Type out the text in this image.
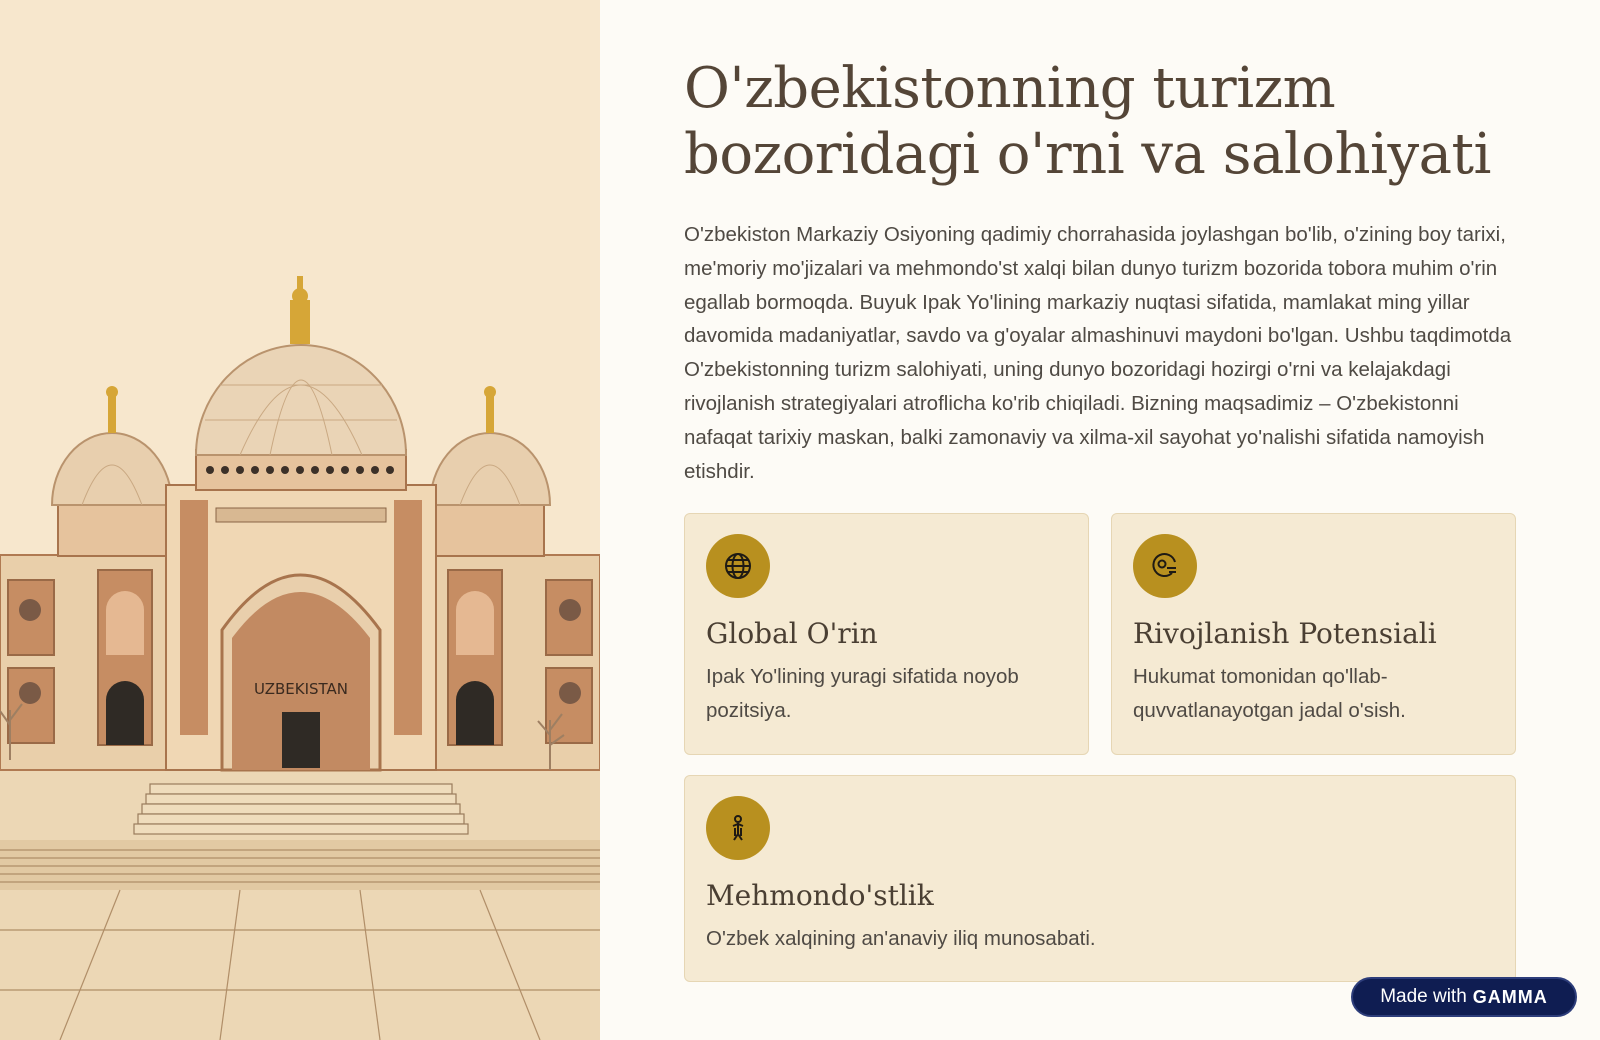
UZBEKISTAN
O'zbekistonning turizm bozoridagi o'rni va salohiyati

O'zbekiston Markaziy Osiyoning qadimiy chorrahasida joylashgan bo'lib, o'zining boy tarixi, me'moriy mo'jizalari va mehmondo'st xalqi bilan dunyo turizm bozorida tobora muhim o'rin egallab bormoqda. Buyuk Ipak Yo'lining markaziy nuqtasi sifatida, mamlakat ming yillar davomida madaniyatlar, savdo va g'oyalar almashinuvi maydoni bo'lgan. Ushbu taqdimotda O'zbekistonning turizm salohiyati, uning dunyo bozoridagi hozirgi o'rni va kelajakdagi rivojlanish strategiyalari atroflicha ko'rib chiqiladi. Bizning maqsadimiz – O'zbekistonni nafaqat tarixiy maskan, balki zamonaviy va xilma-xil sayohat yo'nalishi sifatida namoyish etishdir.

Global O'rin

Ipak Yo'lining yuragi sifatida noyob pozitsiya.

Rivojlanish Potensiali

Hukumat tomonidan qo'llab-quvvatlanayotgan jadal o'sish.

Mehmondo'stlik

O'zbek xalqining an'anaviy iliq munosabati.

Made with GAMMA
